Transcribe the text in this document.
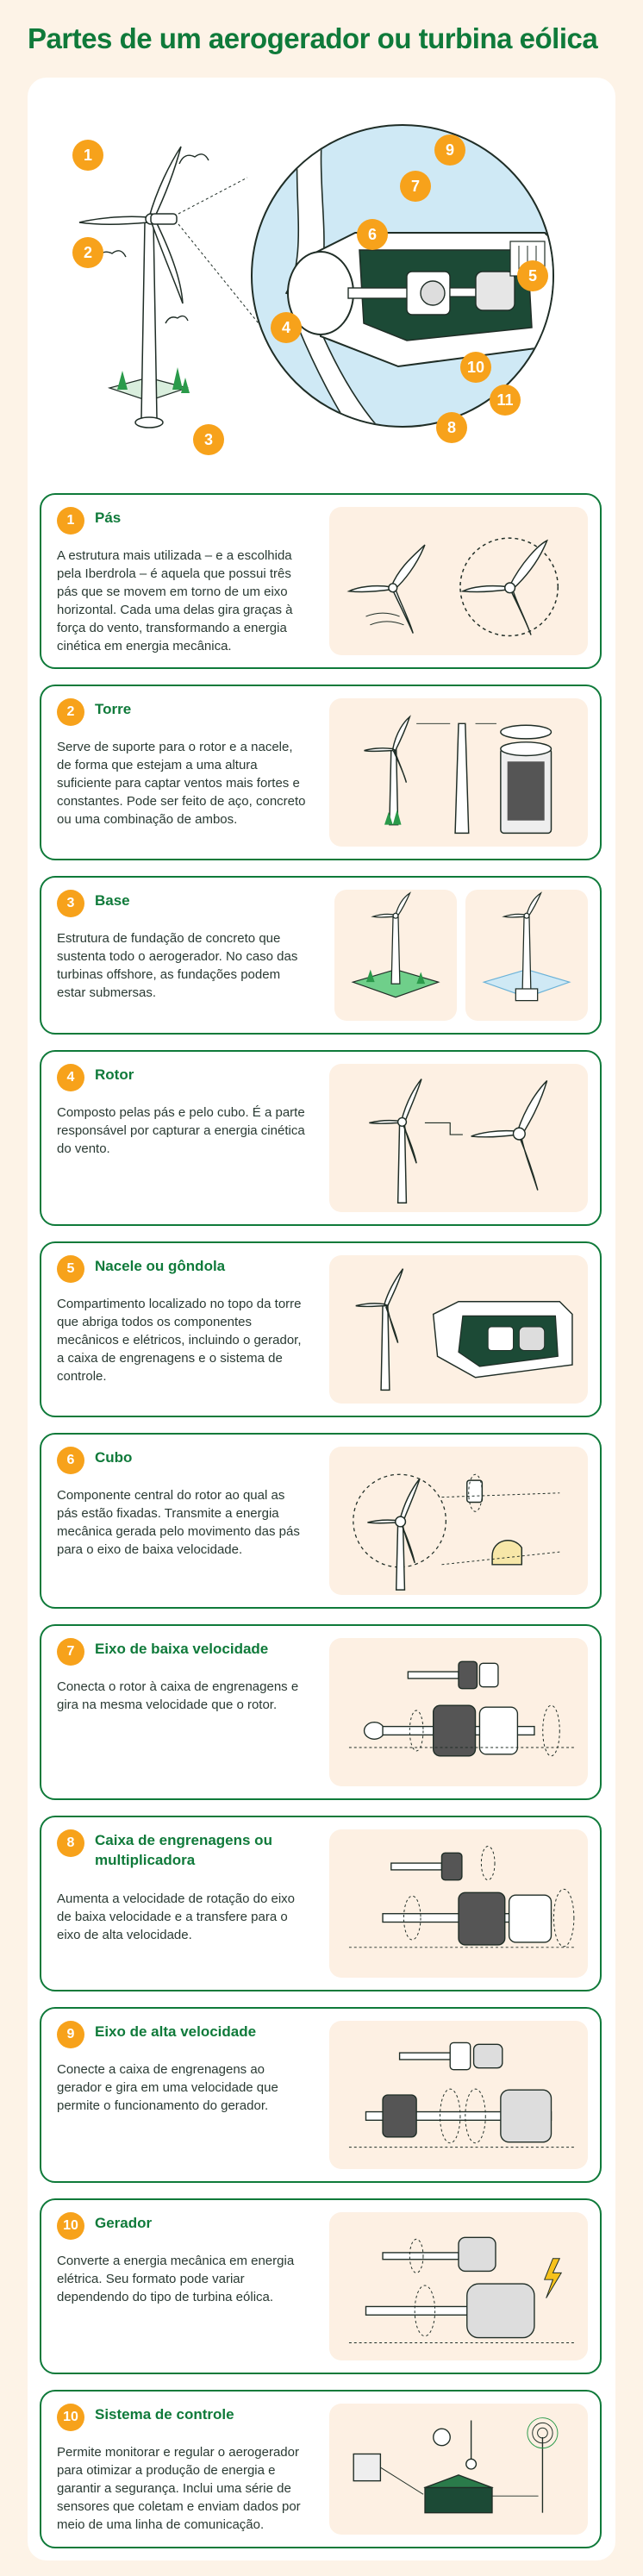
Partes de um aerogerador ou turbina eólica
1
2
3
4
5
6
7
8
9
10
11
1	Pás
A estrutura mais utilizada – e a escolhida pela Iberdrola – é aquela que possui três pás que se movem em torno de um eixo horizontal. Cada uma delas gira graças à força do vento, transformando a energia cinética em energia mecânica.
2	Torre
Serve de suporte para o rotor e a nacele, de forma que estejam a uma altura suficiente para captar ventos mais fortes e constantes. Pode ser feito de aço, concreto ou uma combinação de ambos.
3	Base
Estrutura de fundação de concreto que sustenta todo o aerogerador. No caso das turbinas offshore, as fundações podem estar submersas.
4	Rotor
Composto pelas pás e pelo cubo. É a parte responsável por capturar a energia cinética do vento.
5	Nacele ou gôndola
Compartimento localizado no topo da torre que abriga todos os componentes mecânicos e elétricos, incluindo o gerador, a caixa de engrenagens e o sistema de controle.
6	Cubo
Componente central do rotor ao qual as pás estão fixadas. Transmite a energia mecânica gerada pelo movimento das pás para o eixo de baixa velocidade.
7	Eixo de baixa velocidade
Conecta o rotor à caixa de engrenagens e gira na mesma velocidade que o rotor.
8	Caixa de engrenagens ou multiplicadora
Aumenta a velocidade de rotação do eixo de baixa velocidade e a transfere para o eixo de alta velocidade.
9	Eixo de alta velocidade
Conecte a caixa de engrenagens ao gerador e gira em uma velocidade que permite o funcionamento do gerador.
10	Gerador
Converte a energia mecânica em energia elétrica. Seu formato pode variar dependendo do tipo de turbina eólica.
10	Sistema de controle
Permite monitorar e regular o aerogerador para otimizar a produção de energia e garantir a segurança. Inclui uma série de sensores que coletam e enviam dados por meio de uma linha de comunicação.
